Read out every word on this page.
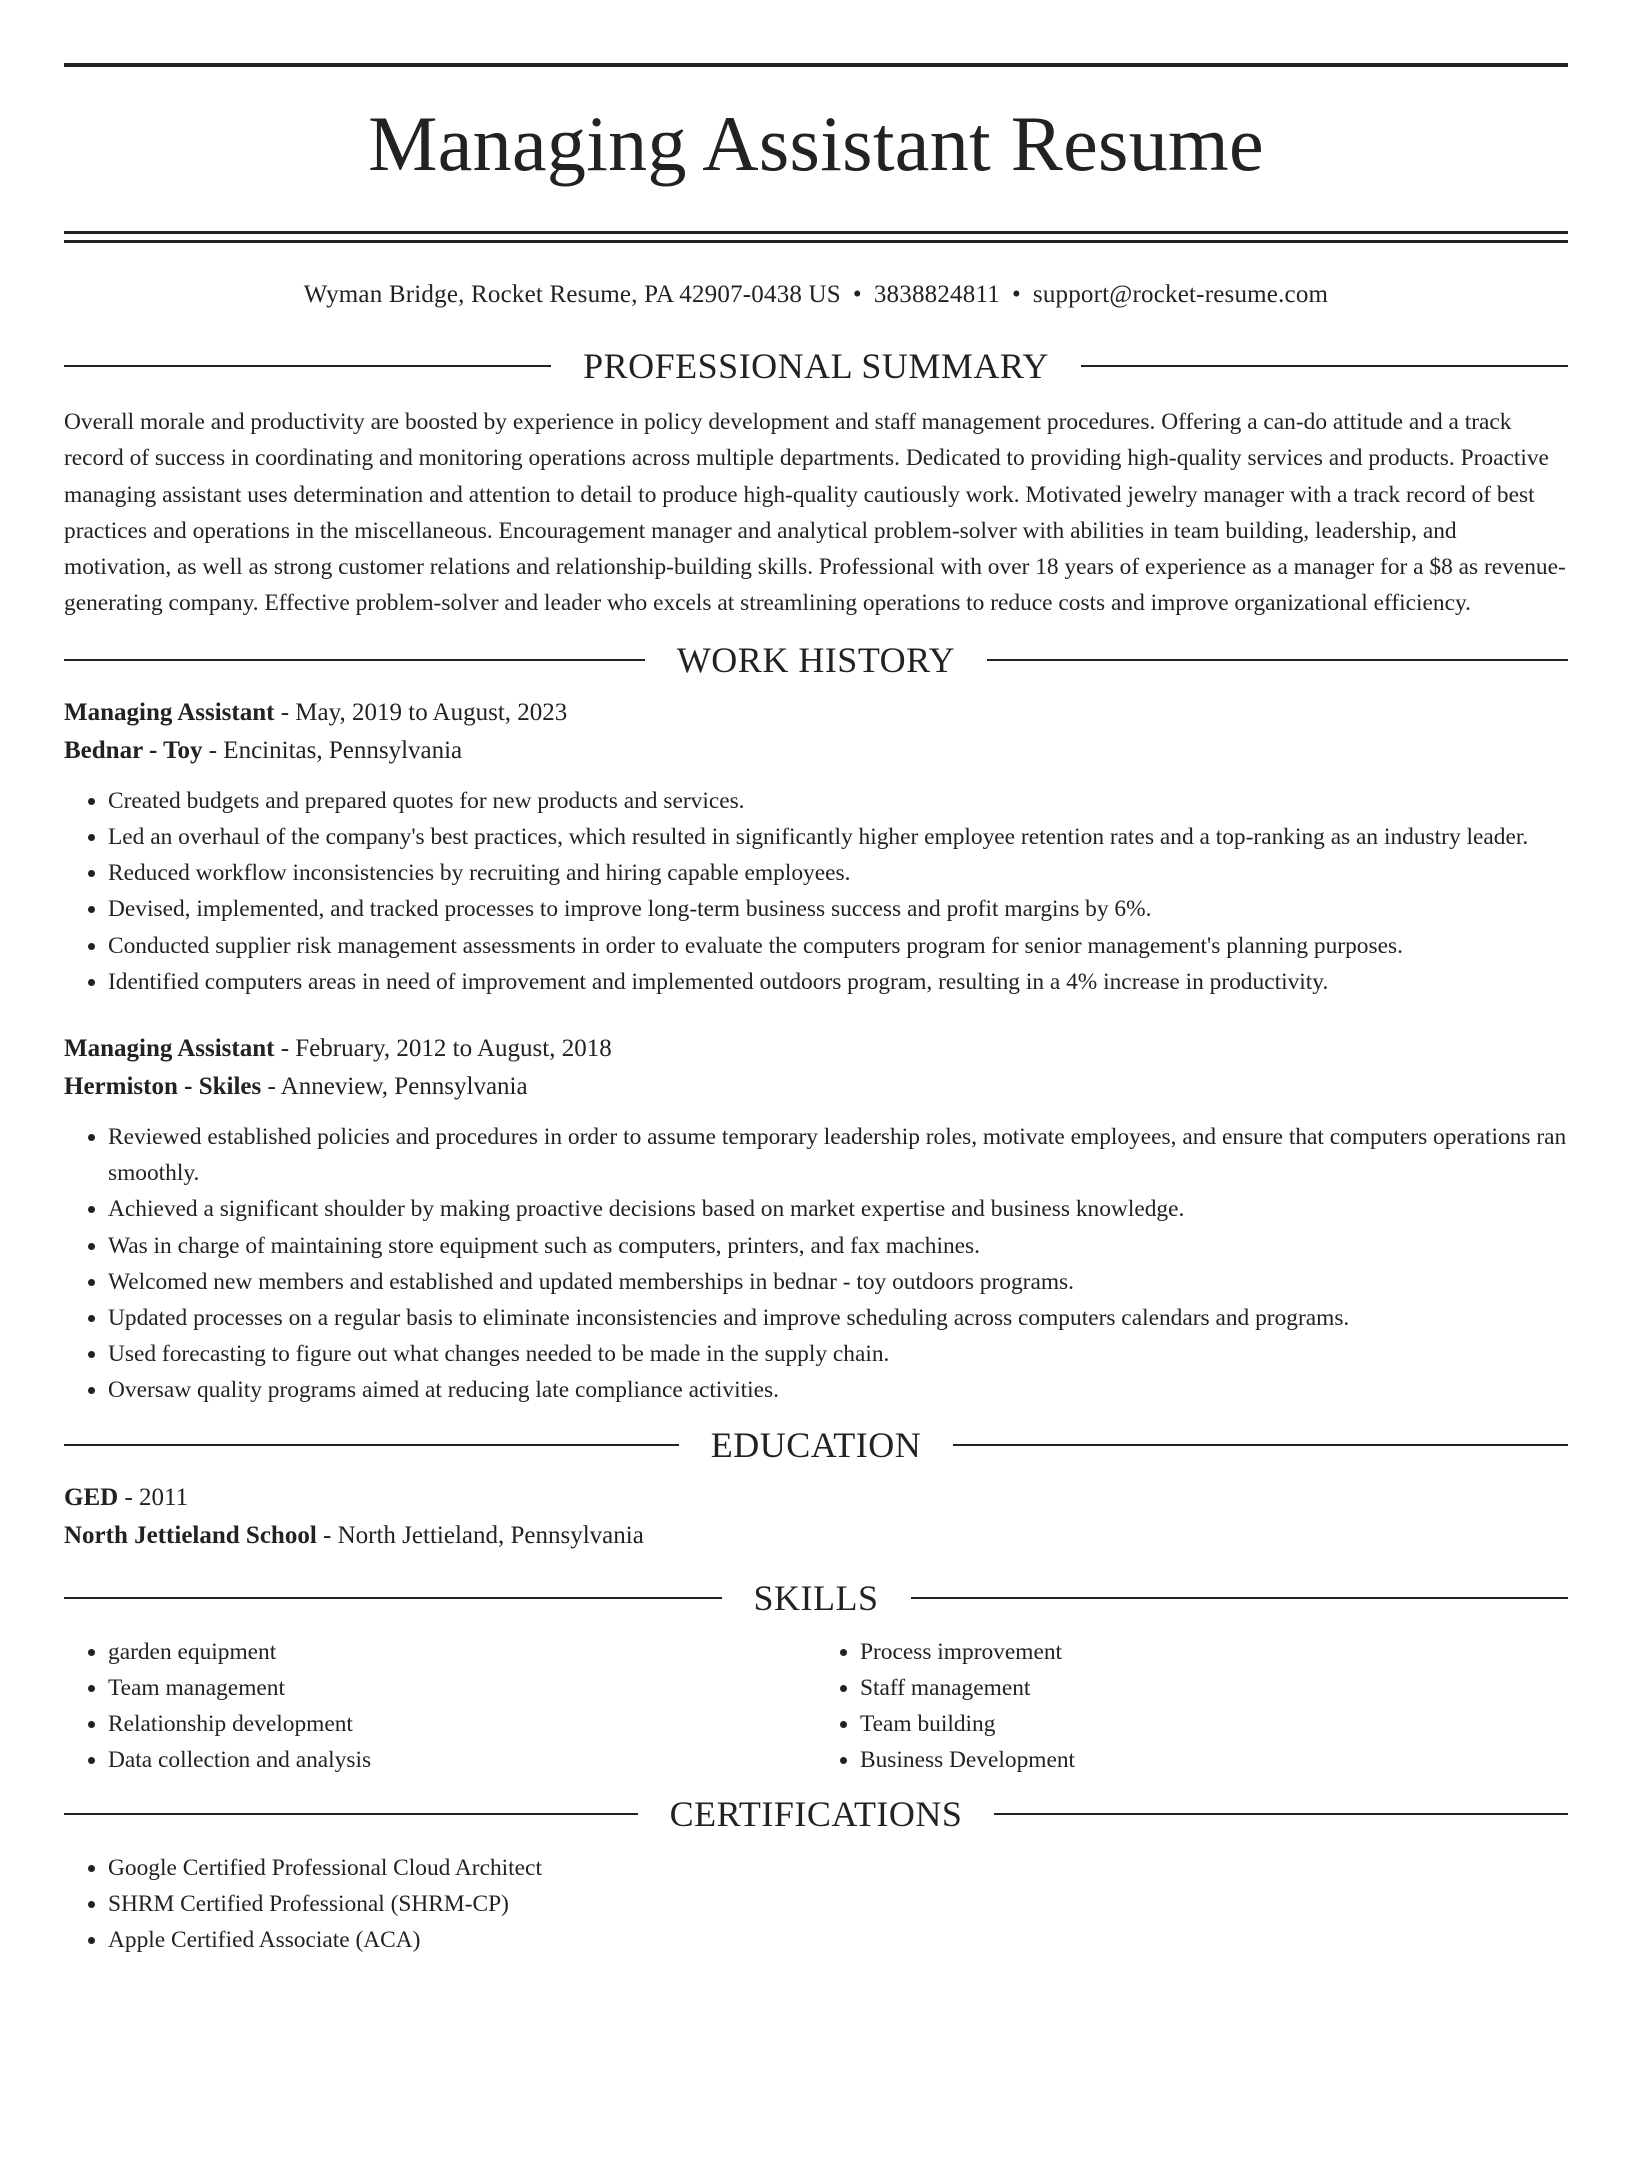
Managing Assistant Resume
Wyman Bridge, Rocket Resume, PA 42907-0438 US • 3838824811 • support@rocket-resume.com
PROFESSIONAL SUMMARY

Overall morale and productivity are boosted by experience in policy development and staff management procedures. Offering a can-do attitude and a track record of success in coordinating and monitoring operations across multiple departments. Dedicated to providing high-quality services and products. Proactive managing assistant uses determination and attention to detail to produce high-quality cautiously work. Motivated jewelry manager with a track record of best practices and operations in the miscellaneous. Encouragement manager and analytical problem-solver with abilities in team building, leadership, and motivation, as well as strong customer relations and relationship-building skills. Professional with over 18 years of experience as a manager for a $8 as revenue-generating company. Effective problem-solver and leader who excels at streamlining operations to reduce costs and improve organizational efficiency.

WORK HISTORY
Managing Assistant - May, 2019 to August, 2023
Bednar - Toy - Encinitas, Pennsylvania
• Created budgets and prepared quotes for new products and services.
• Led an overhaul of the company's best practices, which resulted in significantly higher employee retention rates and a top-ranking as an industry leader.
• Reduced workflow inconsistencies by recruiting and hiring capable employees.
• Devised, implemented, and tracked processes to improve long-term business success and profit margins by 6%.
• Conducted supplier risk management assessments in order to evaluate the computers program for senior management's planning purposes.
• Identified computers areas in need of improvement and implemented outdoors program, resulting in a 4% increase in productivity.
Managing Assistant - February, 2012 to August, 2018
Hermiston - Skiles - Anneview, Pennsylvania
• Reviewed established policies and procedures in order to assume temporary leadership roles, motivate employees, and ensure that computers operations ran smoothly.
• Achieved a significant shoulder by making proactive decisions based on market expertise and business knowledge.
• Was in charge of maintaining store equipment such as computers, printers, and fax machines.
• Welcomed new members and established and updated memberships in bednar - toy outdoors programs.
• Updated processes on a regular basis to eliminate inconsistencies and improve scheduling across computers calendars and programs.
• Used forecasting to figure out what changes needed to be made in the supply chain.
• Oversaw quality programs aimed at reducing late compliance activities.
EDUCATION
GED - 2011
North Jettieland School - North Jettieland, Pennsylvania
SKILLS
• garden equipment
• Team management
• Relationship development
• Data collection and analysis
• Process improvement
• Staff management
• Team building
• Business Development
CERTIFICATIONS
• Google Certified Professional Cloud Architect
• SHRM Certified Professional (SHRM-CP)
• Apple Certified Associate (ACA)
